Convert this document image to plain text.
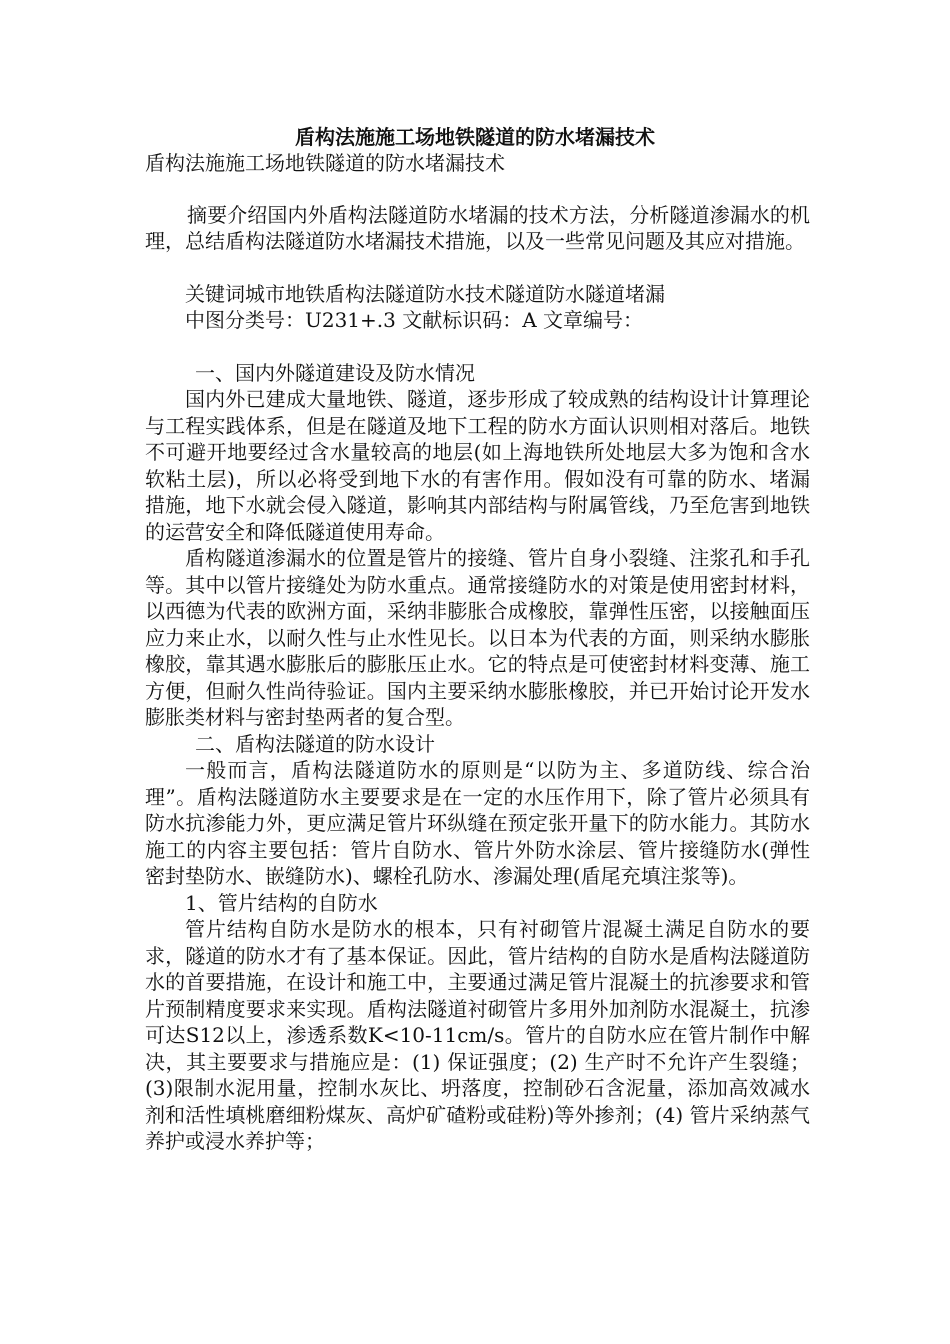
盾构法施施工场地铁隧道的防水堵漏技术

盾构法施施工场地铁隧道的防水堵漏技术

摘要介绍国内外盾构法隧道防水堵漏的技术方法，分析隧道渗漏水的机理，总结盾构法隧道防水堵漏技术措施，以及一些常见问题及其应对措施。

关键词城市地铁盾构法隧道防水技术隧道防水隧道堵漏

中图分类号：U231+.3 文献标识码：A 文章编号：

一、国内外隧道建设及防水情况

国内外已建成大量地铁、隧道，逐步形成了较成熟的结构设计计算理论与工程实践体系，但是在隧道及地下工程的防水方面认识则相对落后。地铁不可避开地要经过含水量较高的地层(如上海地铁所处地层大多为饱和含水软粘土层)，所以必将受到地下水的有害作用。假如没有可靠的防水、堵漏措施，地下水就会侵入隧道，影响其内部结构与附属管线，乃至危害到地铁的运营安全和降低隧道使用寿命。

盾构隧道渗漏水的位置是管片的接缝、管片自身小裂缝、注浆孔和手孔等。其中以管片接缝处为防水重点。通常接缝防水的对策是使用密封材料，以西德为代表的欧洲方面，采纳非膨胀合成橡胶，靠弹性压密，以接触面压应力来止水，以耐久性与止水性见长。以日本为代表的方面，则采纳水膨胀橡胶，靠其遇水膨胀后的膨胀压止水。它的特点是可使密封材料变薄、施工方便，但耐久性尚待验证。国内主要采纳水膨胀橡胶，并已开始讨论开发水膨胀类材料与密封垫两者的复合型。

二、盾构法隧道的防水设计

一般而言，盾构法隧道防水的原则是“以防为主、多道防线、综合治理”。盾构法隧道防水主要要求是在一定的水压作用下，除了管片必须具有防水抗渗能力外，更应满足管片环纵缝在预定张开量下的防水能力。其防水施工的内容主要包括：管片自防水、管片外防水涂层、管片接缝防水(弹性密封垫防水、嵌缝防水)、螺栓孔防水、渗漏处理(盾尾充填注浆等)。

1、管片结构的自防水

管片结构自防水是防水的根本，只有衬砌管片混凝土满足自防水的要求，隧道的防水才有了基本保证。因此，管片结构的自防水是盾构法隧道防水的首要措施，在设计和施工中，主要通过满足管片混凝土的抗渗要求和管片预制精度要求来实现。盾构法隧道衬砌管片多用外加剂防水混凝土，抗渗可达S12以上，渗透系数K<10-11cm/s。管片的自防水应在管片制作中解决，其主要要求与措施应是：(1) 保证强度；(2) 生产时不允许产生裂缝；(3)限制水泥用量，控制水灰比、坍落度，控制砂石含泥量，添加高效减水剂和活性填桃磨细粉煤灰、高炉矿碴粉或硅粉)等外掺剂；(4) 管片采纳蒸气养护或浸水养护等；
